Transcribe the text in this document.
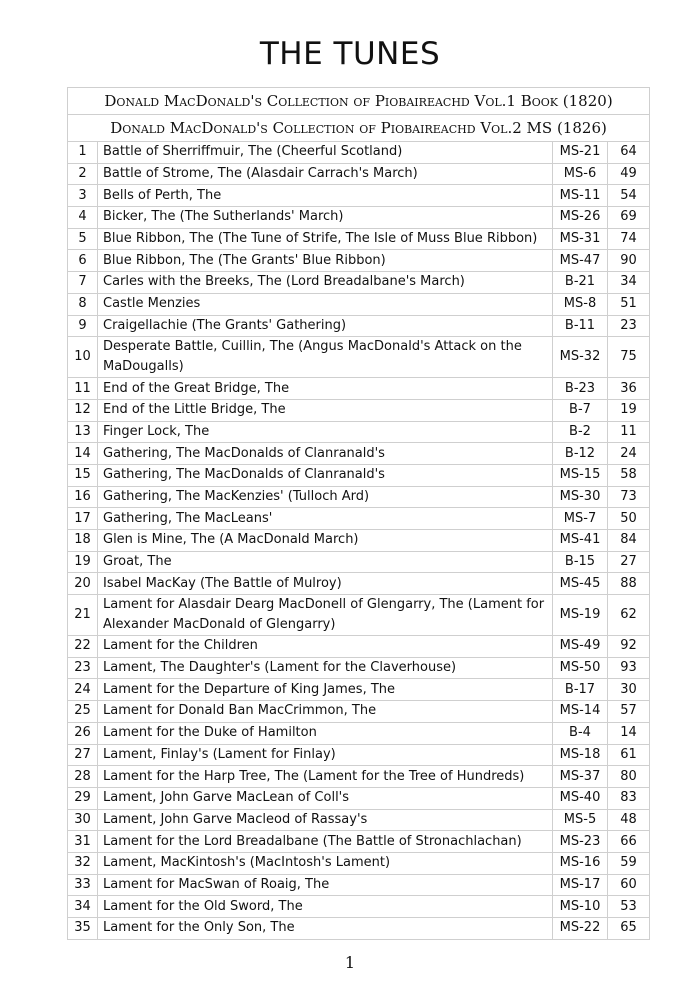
THE TUNES
Donald MacDonald's Collection of Piobaireachd Vol.1 Book (1820)			
Donald MacDonald's Collection of Piobaireachd Vol.2 MS (1826)			
1	Battle of Sherriffmuir, The (Cheerful Scotland)	MS-21	64
2	Battle of Strome, The (Alasdair Carrach's March)	MS-6	49
3	Bells of Perth, The	MS-11	54
4	Bicker, The (The Sutherlands' March)	MS-26	69
5	Blue Ribbon, The (The Tune of Strife, The Isle of Muss Blue Ribbon)	MS-31	74
6	Blue Ribbon, The (The Grants' Blue Ribbon)	MS-47	90
7	Carles with the Breeks, The (Lord Breadalbane's March)	B-21	34
8	Castle Menzies	MS-8	51
9	Craigellachie (The Grants' Gathering)	B-11	23
10	Desperate Battle, Cuillin, The (Angus MacDonald's Attack on the MaDougalls)	MS-32	75
11	End of the Great Bridge, The	B-23	36
12	End of the Little Bridge, The	B-7	19
13	Finger Lock, The	B-2	11
14	Gathering, The MacDonalds of Clanranald's	B-12	24
15	Gathering, The MacDonalds of Clanranald's	MS-15	58
16	Gathering, The MacKenzies' (Tulloch Ard)	MS-30	73
17	Gathering, The MacLeans'	MS-7	50
18	Glen is Mine, The (A MacDonald March)	MS-41	84
19	Groat, The	B-15	27
20	Isabel MacKay (The Battle of Mulroy)	MS-45	88
21	Lament for Alasdair Dearg MacDonell of Glengarry, The (Lament for Alexander MacDonald of Glengarry)	MS-19	62
22	Lament for the Children	MS-49	92
23	Lament, The Daughter's (Lament for the Claverhouse)	MS-50	93
24	Lament for the Departure of King James, The	B-17	30
25	Lament for Donald Ban MacCrimmon, The	MS-14	57
26	Lament for the Duke of Hamilton	B-4	14
27	Lament, Finlay's (Lament for Finlay)	MS-18	61
28	Lament for the Harp Tree, The (Lament for the Tree of Hundreds)	MS-37	80
29	Lament, John Garve MacLean of Coll's	MS-40	83
30	Lament, John Garve Macleod of Rassay's	MS-5	48
31	Lament for the Lord Breadalbane (The Battle of Stronachlachan)	MS-23	66
32	Lament, MacKintosh's (MacIntosh's Lament)	MS-16	59
33	Lament for MacSwan of Roaig, The	MS-17	60
34	Lament for the Old Sword, The	MS-10	53
35	Lament for the Only Son, The	MS-22	65
1
